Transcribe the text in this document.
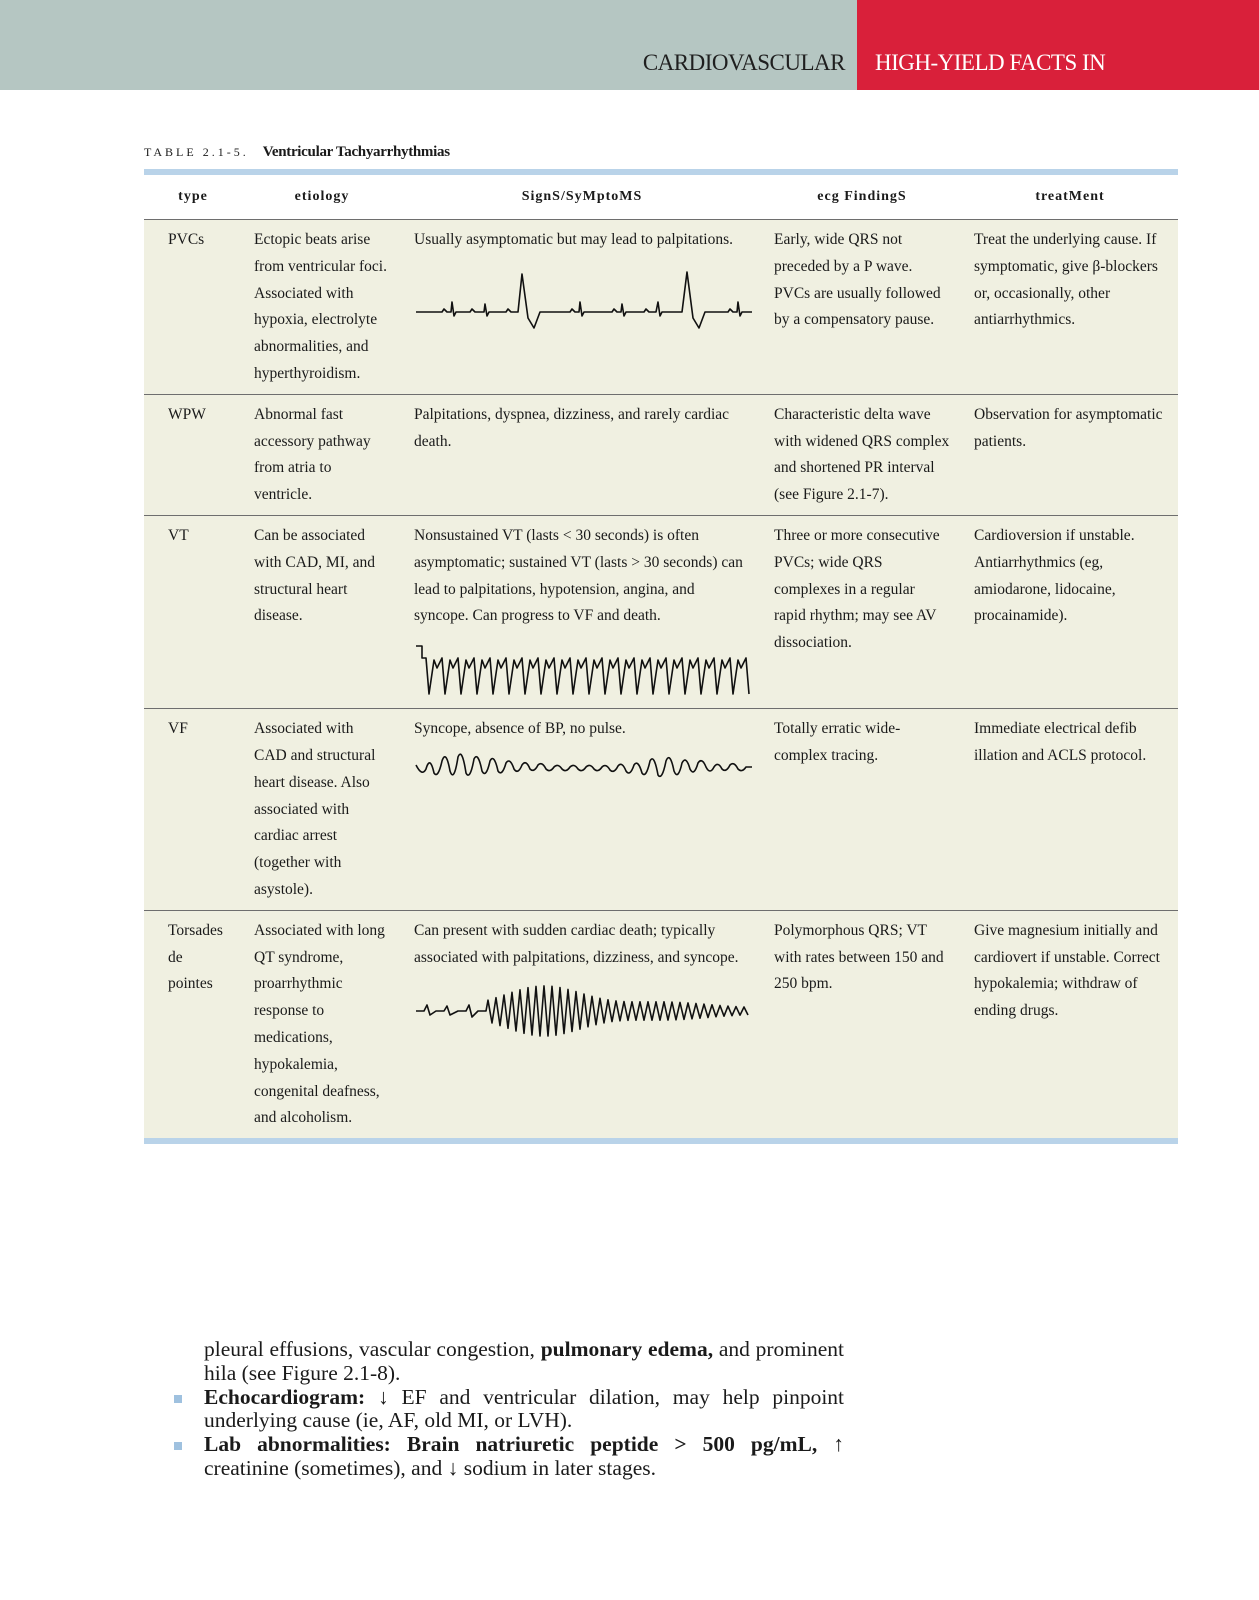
CARDIOVASCULAR HIGH-YIELD FACTS IN
TABLE 2.1-5. Ventricular Tachyarrhythmias
type	etiology	SignS/SyMptoMS	ecg FindingS	treatMent
PVCs	Ectopic beats arise from ventricular foci. Associated with hypoxia, electrolyte abnormalities, and hyperthyroidism.	Usually asymptomatic but may lead to palpitations.	Early, wide QRS not preceded by a P wave. PVCs are usually followed by a compensatory pause.	Treat the underlying cause. If symptomatic, give β-blockers or, occasionally, other antiarrhythmics.
WPW	Abnormal fast accessory pathway from atria to ventricle.	Palpitations, dyspnea, dizziness, and rarely cardiac death.	Characteristic delta wave with widened QRS complex and shortened PR interval (see Figure 2.1-7).	Observation for asymptomatic patients.
VT	Can be associated with CAD, MI, and structural heart disease.	Nonsustained VT (lasts < 30 seconds) is often asymptomatic; sustained VT (lasts > 30 seconds) can lead to palpitations, hypotension, angina, and syncope. Can progress to VF and death.	Three or more consecutive PVCs; wide QRS complexes in a regular rapid rhythm; may see AV dissociation.	Cardioversion if unstable. Antiarrhythmics (eg, amiodarone, lidocaine, procainamide).
VF	Associated with CAD and structural heart disease. Also associated with cardiac arrest (together with asystole).	Syncope, absence of BP, no pulse.	Totally erratic wide-complex tracing.	Immediate electrical defib illation and ACLS protocol.
Torsades de pointes	Associated with long QT syndrome, proarrhythmic response to medications, hypokalemia, congenital deafness, and alcoholism.	Can present with sudden cardiac death; typically associated with palpitations, dizziness, and syncope.	Polymorphous QRS; VT with rates between 150 and 250 bpm.	Give magnesium initially and cardiovert if unstable. Correct hypokalemia; withdraw of ending drugs.

pleural effusions, vascular congestion, pulmonary edema, and prominent hila (see Figure 2.1-8).

Echocardiogram: ↓ EF and ventricular dilation, may help pinpoint underlying cause (ie, AF, old MI, or LVH).

Lab abnormalities: Brain natriuretic peptide > 500 pg/mL, ↑ creatinine (sometimes), and ↓ sodium in later stages.
